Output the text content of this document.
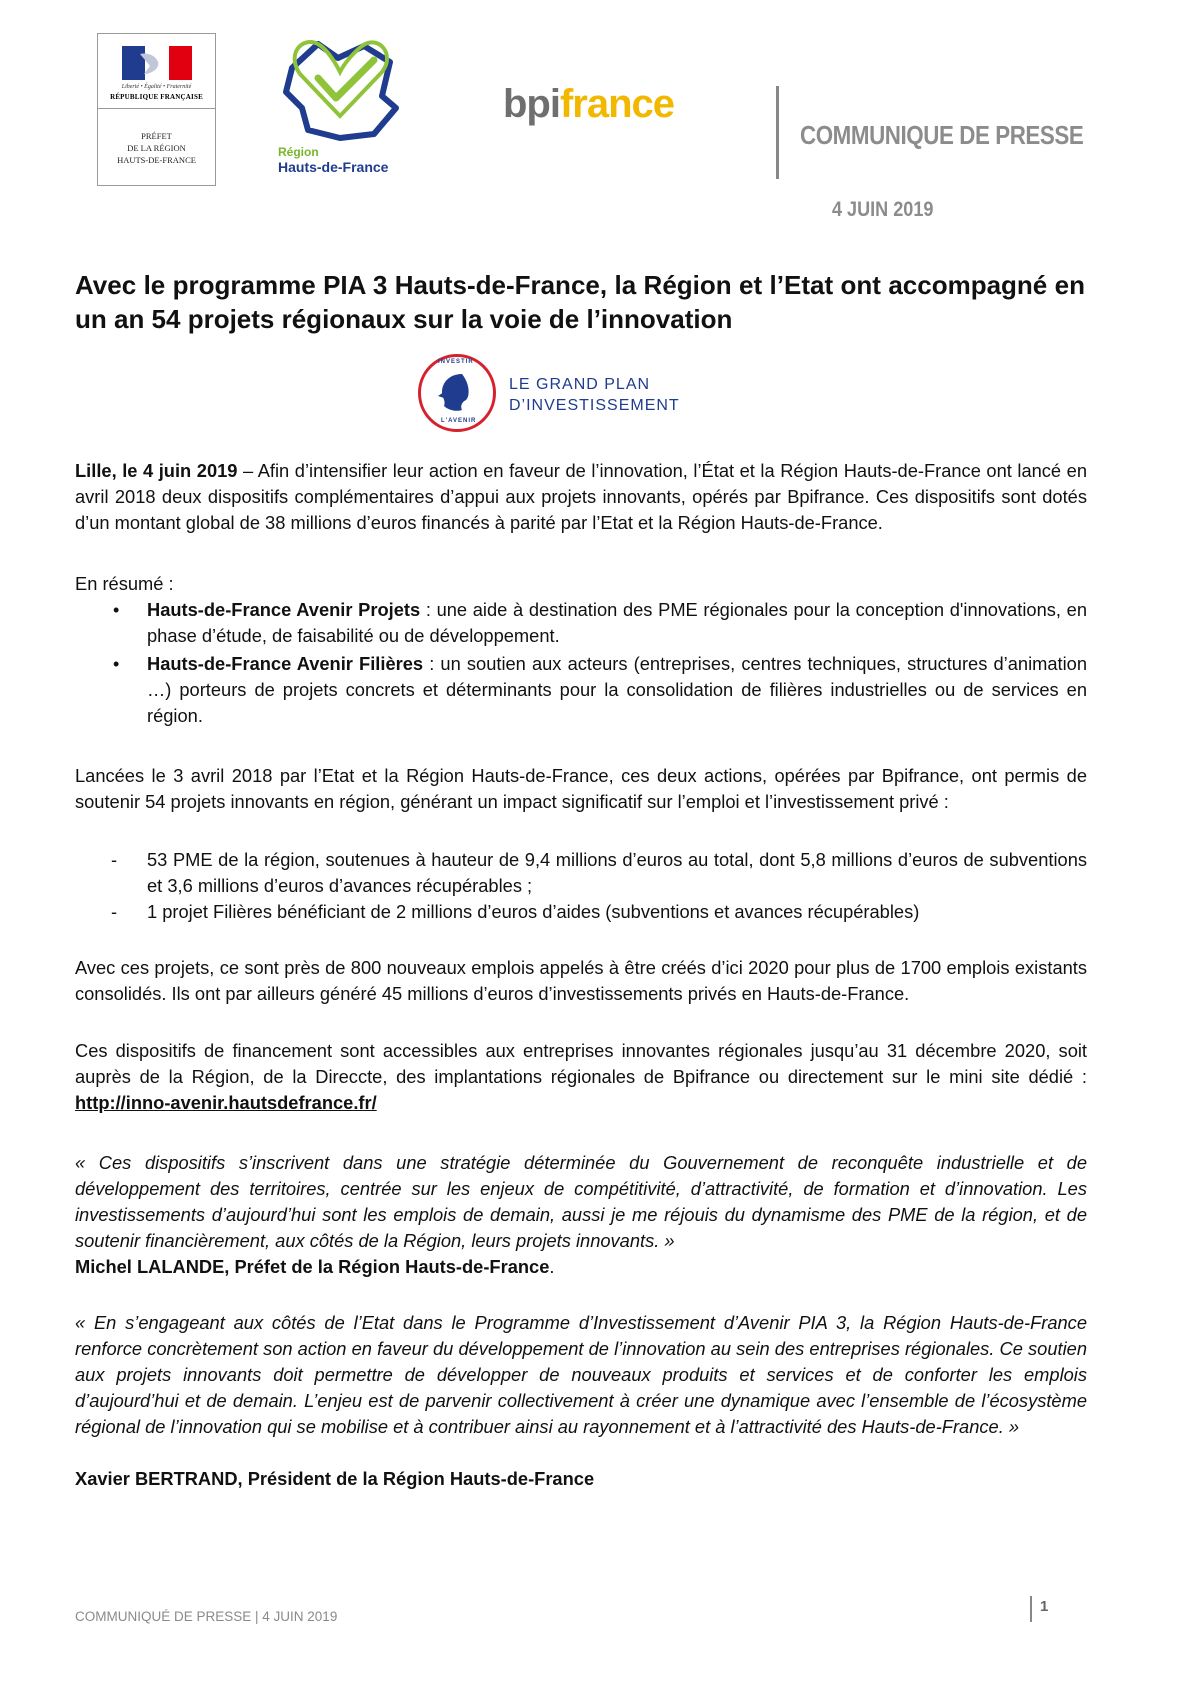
Liberté • Égalité • Fraternité
RÉPUBLIQUE FRANÇAISE
PRÉFET
DE LA RÉGION
HAUTS-DE-FRANCE
Région
Hauts-de-France
bpifrance
COMMUNIQUE DE PRESSE
4 JUIN 2019
Avec le programme PIA 3 Hauts-de-France, la Région et l’Etat ont accompagné en un an 54 projets régionaux sur la voie de l’innovation
INVESTIR
L'AVENIR
LE GRAND PLAN
D’INVESTISSEMENT
Lille, le 4 juin 2019 – Afin d’intensifier leur action en faveur de l’innovation, l’État et la Région Hauts-de-France ont lancé en avril 2018 deux dispositifs complémentaires d’appui aux projets innovants, opérés par Bpifrance. Ces dispositifs sont dotés d’un montant global de 38 millions d’euros financés à parité par l’Etat et la Région Hauts-de-France.
En résumé :
• Hauts-de-France Avenir Projets : une aide à destination des PME régionales pour la conception d'innovations, en phase d’étude, de faisabilité ou de développement.
• Hauts-de-France Avenir Filières : un soutien aux acteurs (entreprises, centres techniques, structures d’animation …) porteurs de projets concrets et déterminants pour la consolidation de filières industrielles ou de services en région.
Lancées le 3 avril 2018 par l’Etat et la Région Hauts-de-France, ces deux actions, opérées par Bpifrance, ont permis de soutenir 54 projets innovants en région, générant un impact significatif sur l’emploi et l’investissement privé :
- 53 PME de la région, soutenues à hauteur de 9,4 millions d’euros au total, dont 5,8 millions d’euros de subventions et 3,6 millions d’euros d’avances récupérables ;
- 1 projet Filières bénéficiant de 2 millions d’euros d’aides (subventions et avances récupérables)
Avec ces projets, ce sont près de 800 nouveaux emplois appelés à être créés d’ici 2020 pour plus de 1700 emplois existants consolidés. Ils ont par ailleurs généré 45 millions d’euros d’investissements privés en Hauts-de-France.
Ces dispositifs de financement sont accessibles aux entreprises innovantes régionales jusqu’au 31 décembre 2020, soit auprès de la Région, de la Direccte, des implantations régionales de Bpifrance ou directement sur le mini site dédié : http://inno-avenir.hautsdefrance.fr/
« Ces dispositifs s’inscrivent dans une stratégie déterminée du Gouvernement de reconquête industrielle et de développement des territoires, centrée sur les enjeux de compétitivité, d’attractivité, de formation et d’innovation. Les investissements d’aujourd’hui sont les emplois de demain, aussi je me réjouis du dynamisme des PME de la région, et de soutenir financièrement, aux côtés de la Région, leurs projets innovants. »
Michel LALANDE, Préfet de la Région Hauts-de-France.
« En s’engageant aux côtés de l’Etat dans le Programme d’Investissement d’Avenir PIA 3, la Région Hauts-de-France renforce concrètement son action en faveur du développement de l’innovation au sein des entreprises régionales. Ce soutien aux projets innovants doit permettre de développer de nouveaux produits et services et de conforter les emplois d’aujourd’hui et de demain. L’enjeu est de parvenir collectivement à créer une dynamique avec l’ensemble de l’écosystème régional de l’innovation qui se mobilise et à contribuer ainsi au rayonnement et à l’attractivité des Hauts-de-France. »
Xavier BERTRAND, Président de la Région Hauts-de-France
COMMUNIQUÉ DE PRESSE | 4 JUIN 2019
1
